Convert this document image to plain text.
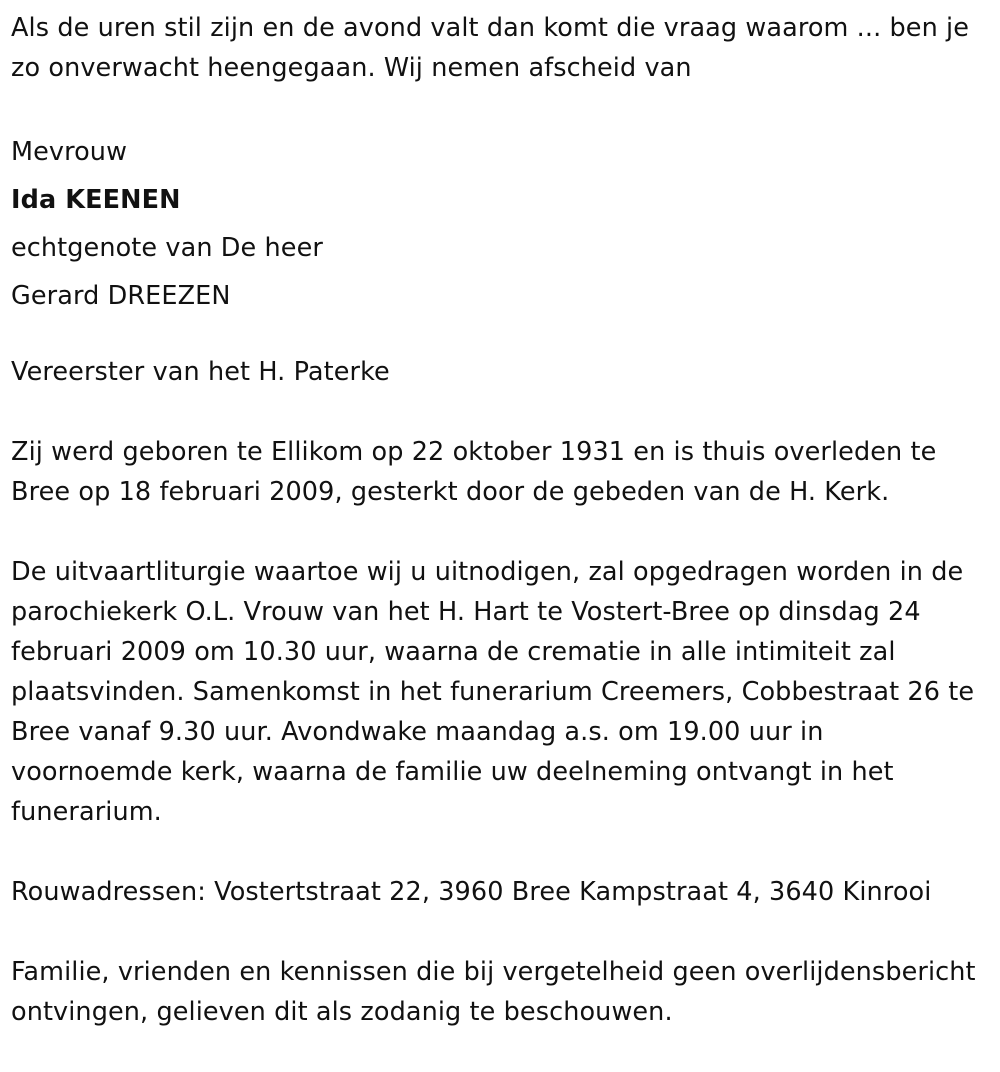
Als de uren stil zijn en de avond valt dan komt die vraag waarom ... ben je zo onverwacht heengegaan. Wij nemen afscheid van

Mevrouw

Ida KEENEN

echtgenote van De heer

Gerard DREEZEN

Vereerster van het H. Paterke

Zij werd geboren te Ellikom op 22 oktober 1931 en is thuis overleden te Bree op 18 februari 2009, gesterkt door de gebeden van de H. Kerk.

De uitvaartliturgie waartoe wij u uitnodigen, zal opgedragen worden in de parochiekerk O.L. Vrouw van het H. Hart te Vostert-Bree op dinsdag 24 februari 2009 om 10.30 uur, waarna de crematie in alle intimiteit zal plaatsvinden. Samenkomst in het funerarium Creemers, Cobbestraat 26 te Bree vanaf 9.30 uur. Avondwake maandag a.s. om 19.00 uur in voornoemde kerk, waarna de familie uw deelneming ontvangt in het funerarium.

Rouwadressen: Vostertstraat 22, 3960 Bree Kampstraat 4, 3640 Kinrooi

Familie, vrienden en kennissen die bij vergetelheid geen overlijdensbericht ontvingen, gelieven dit als zodanig te beschouwen.
